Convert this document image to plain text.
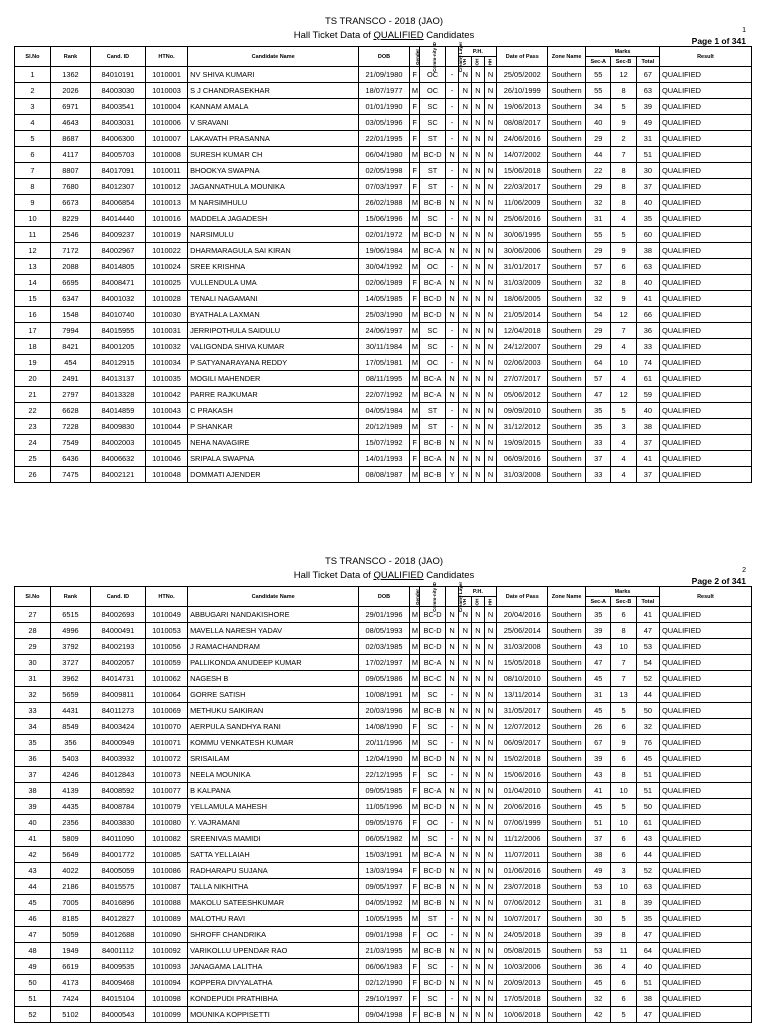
TS TRANSCO - 2018 (JAO)
Hall Ticket Data of QUALIFIED Candidates	1
Page 1 of 341
Sl.No	Rank	Cand. ID	HTNo.	Candidate Name	DOB	Gender	Comm-nity ID	Creamy Layer	P.H.			Date of Pass	Zone Name	Marks			Result
									VH	OH	HH			Sec-A	Sec-B	Total	
1	1362	84010191	1010001	NV SHIVA KUMARI	21/09/1980	F	OC	-	N	N	N	25/05/2002	Southern	55	12	67	QUALIFIED
2	2026	84003030	1010003	S J CHANDRASEKHAR	18/07/1977	M	OC	-	N	N	N	26/10/1999	Southern	55	8	63	QUALIFIED
3	6971	84003541	1010004	KANNAM AMALA	01/01/1990	F	SC	-	N	N	N	19/06/2013	Southern	34	5	39	QUALIFIED
4	4643	84003031	1010006	V SRAVANI	03/05/1996	F	SC	-	N	N	N	08/08/2017	Southern	40	9	49	QUALIFIED
5	8687	84006300	1010007	LAKAVATH PRASANNA	22/01/1995	F	ST	-	N	N	N	24/06/2016	Southern	29	2	31	QUALIFIED
6	4117	84005703	1010008	SURESH KUMAR CH	06/04/1980	M	BC-D	N	N	N	N	14/07/2002	Southern	44	7	51	QUALIFIED
7	8807	84017091	1010011	BHOOKYA SWAPNA	02/05/1998	F	ST	-	N	N	N	15/06/2018	Southern	22	8	30	QUALIFIED
8	7680	84012307	1010012	JAGANNATHULA MOUNIKA	07/03/1997	F	ST	-	N	N	N	22/03/2017	Southern	29	8	37	QUALIFIED
9	6673	84006854	1010013	M NARSIMHULU	26/02/1988	M	BC-B	N	N	N	N	11/06/2009	Southern	32	8	40	QUALIFIED
10	8229	84014440	1010016	MADDELA JAGADESH	15/06/1996	M	SC	-	N	N	N	25/06/2016	Southern	31	4	35	QUALIFIED
11	2546	84009237	1010019	NARSIMULU	02/01/1972	M	BC-D	N	N	N	N	30/06/1995	Southern	55	5	60	QUALIFIED
12	7172	84002967	1010022	DHARMARAGULA SAI KIRAN	19/06/1984	M	BC-A	N	N	N	N	30/06/2006	Southern	29	9	38	QUALIFIED
13	2088	84014805	1010024	SREE KRISHNA	30/04/1992	M	OC	-	N	N	N	31/01/2017	Southern	57	6	63	QUALIFIED
14	6695	84008471	1010025	VULLENDULA UMA	02/06/1989	F	BC-A	N	N	N	N	31/03/2009	Southern	32	8	40	QUALIFIED
15	6347	84001032	1010028	TENALI NAGAMANI	14/05/1985	F	BC-D	N	N	N	N	18/06/2005	Southern	32	9	41	QUALIFIED
16	1548	84010740	1010030	BYATHALA LAXMAN	25/03/1990	M	BC-D	N	N	N	N	21/05/2014	Southern	54	12	66	QUALIFIED
17	7994	84015955	1010031	JERRIPOTHULA SAIDULU	24/06/1997	M	SC	-	N	N	N	12/04/2018	Southern	29	7	36	QUALIFIED
18	8421	84001205	1010032	VALIGONDA SHIVA KUMAR	30/11/1984	M	SC	-	N	N	N	24/12/2007	Southern	29	4	33	QUALIFIED
19	454	84012915	1010034	P SATYANARAYANA REDDY	17/05/1981	M	OC	-	N	N	N	02/06/2003	Southern	64	10	74	QUALIFIED
20	2491	84013137	1010035	MOGILI MAHENDER	08/11/1995	M	BC-A	N	N	N	N	27/07/2017	Southern	57	4	61	QUALIFIED
21	2797	84013328	1010042	PARRE RAJKUMAR	22/07/1992	M	BC-A	N	N	N	N	05/06/2012	Southern	47	12	59	QUALIFIED
22	6628	84014859	1010043	C PRAKASH	04/05/1984	M	ST	-	N	N	N	09/09/2010	Southern	35	5	40	QUALIFIED
23	7228	84009830	1010044	P SHANKAR	20/12/1989	M	ST	-	N	N	N	31/12/2012	Southern	35	3	38	QUALIFIED
24	7549	84002003	1010045	NEHA NAVAGIRE	15/07/1992	F	BC-B	N	N	N	N	19/09/2015	Southern	33	4	37	QUALIFIED
25	6436	84006632	1010046	SRIPALA SWAPNA	14/01/1993	F	BC-A	N	N	N	N	06/09/2016	Southern	37	4	41	QUALIFIED
26	7475	84002121	1010048	DOMMATI AJENDER	08/08/1987	M	BC-B	Y	N	N	N	31/03/2008	Southern	33	4	37	QUALIFIED
TS TRANSCO - 2018 (JAO)
Hall Ticket Data of QUALIFIED Candidates	2
Page 2 of 341
Sl.No	Rank	Cand. ID	HTNo.	Candidate Name	DOB	Gender	Comm-nity ID	Creamy Layer	P.H.			Date of Pass	Zone Name	Marks			Result
									VH	OH	HH			Sec-A	Sec-B	Total	
27	6515	84002693	1010049	ABBUGARI NANDAKISHORE	29/01/1996	M	BC-D	N	N	N	N	20/04/2016	Southern	35	6	41	QUALIFIED
28	4996	84000491	1010053	MAVELLA NARESH YADAV	08/05/1993	M	BC-D	N	N	N	N	25/06/2014	Southern	39	8	47	QUALIFIED
29	3792	84002193	1010056	J RAMACHANDRAM	02/03/1985	M	BC-D	N	N	N	N	31/03/2008	Southern	43	10	53	QUALIFIED
30	3727	84002057	1010059	PALLIKONDA ANUDEEP KUMAR	17/02/1997	M	BC-A	N	N	N	N	15/05/2018	Southern	47	7	54	QUALIFIED
31	3962	84014731	1010062	NAGESH B	09/05/1986	M	BC-C	N	N	N	N	08/10/2010	Southern	45	7	52	QUALIFIED
32	5659	84009811	1010064	GORRE SATISH	10/08/1991	M	SC	-	N	N	N	13/11/2014	Southern	31	13	44	QUALIFIED
33	4431	84011273	1010069	METHUKU SAIKIRAN	20/03/1996	M	BC-B	N	N	N	N	31/05/2017	Southern	45	5	50	QUALIFIED
34	8549	84003424	1010070	AERPULA SANDHYA RANI	14/08/1990	F	SC	-	N	N	N	12/07/2012	Southern	26	6	32	QUALIFIED
35	356	84000949	1010071	KOMMU VENKATESH KUMAR	20/11/1996	M	SC	-	N	N	N	06/09/2017	Southern	67	9	76	QUALIFIED
36	5403	84003932	1010072	SRISAILAM	12/04/1990	M	BC-D	N	N	N	N	15/02/2018	Southern	39	6	45	QUALIFIED
37	4246	84012843	1010073	NEELA MOUNIKA	22/12/1995	F	SC	-	N	N	N	15/06/2016	Southern	43	8	51	QUALIFIED
38	4139	84008592	1010077	B KALPANA	09/05/1985	F	BC-A	N	N	N	N	01/04/2010	Southern	41	10	51	QUALIFIED
39	4435	84008784	1010079	YELLAMULA MAHESH	11/05/1996	M	BC-D	N	N	N	N	20/06/2016	Southern	45	5	50	QUALIFIED
40	2356	84003830	1010080	Y. VAJRAMANI	09/05/1976	F	OC	-	N	N	N	07/06/1999	Southern	51	10	61	QUALIFIED
41	5809	84011090	1010082	SREENIVAS MAMIDI	06/05/1982	M	SC	-	N	N	N	11/12/2006	Southern	37	6	43	QUALIFIED
42	5649	84001772	1010085	SATTA YELLAIAH	15/03/1991	M	BC-A	N	N	N	N	11/07/2011	Southern	38	6	44	QUALIFIED
43	4022	84005059	1010086	RADHARAPU SUJANA	13/03/1994	F	BC-D	N	N	N	N	01/06/2016	Southern	49	3	52	QUALIFIED
44	2186	84015575	1010087	TALLA NIKHITHA	09/05/1997	F	BC-B	N	N	N	N	23/07/2018	Southern	53	10	63	QUALIFIED
45	7005	84016896	1010088	MAKOLU SATEESHKUMAR	04/05/1992	M	BC-B	N	N	N	N	07/06/2012	Southern	31	8	39	QUALIFIED
46	8185	84012827	1010089	MALOTHU RAVI	10/05/1995	M	ST	-	N	N	N	10/07/2017	Southern	30	5	35	QUALIFIED
47	5059	84012688	1010090	SHROFF CHANDRIKA	09/01/1998	F	OC	-	N	N	N	24/05/2018	Southern	39	8	47	QUALIFIED
48	1949	84001112	1010092	VARIKOLLU UPENDAR RAO	21/03/1995	M	BC-B	N	N	N	N	05/08/2015	Southern	53	11	64	QUALIFIED
49	6619	84009535	1010093	JANAGAMA LALITHA	06/06/1983	F	SC	-	N	N	N	10/03/2006	Southern	36	4	40	QUALIFIED
50	4173	84009468	1010094	KOPPERA DIVYALATHA	02/12/1990	F	BC-D	N	N	N	N	20/09/2013	Southern	45	6	51	QUALIFIED
51	7424	84015104	1010098	KONDEPUDI PRATHIBHA	29/10/1997	F	SC	-	N	N	N	17/05/2018	Southern	32	6	38	QUALIFIED
52	5102	84000543	1010099	MOUNIKA KOPPISETTI	09/04/1998	F	BC-B	N	N	N	N	10/06/2018	Southern	42	5	47	QUALIFIED
